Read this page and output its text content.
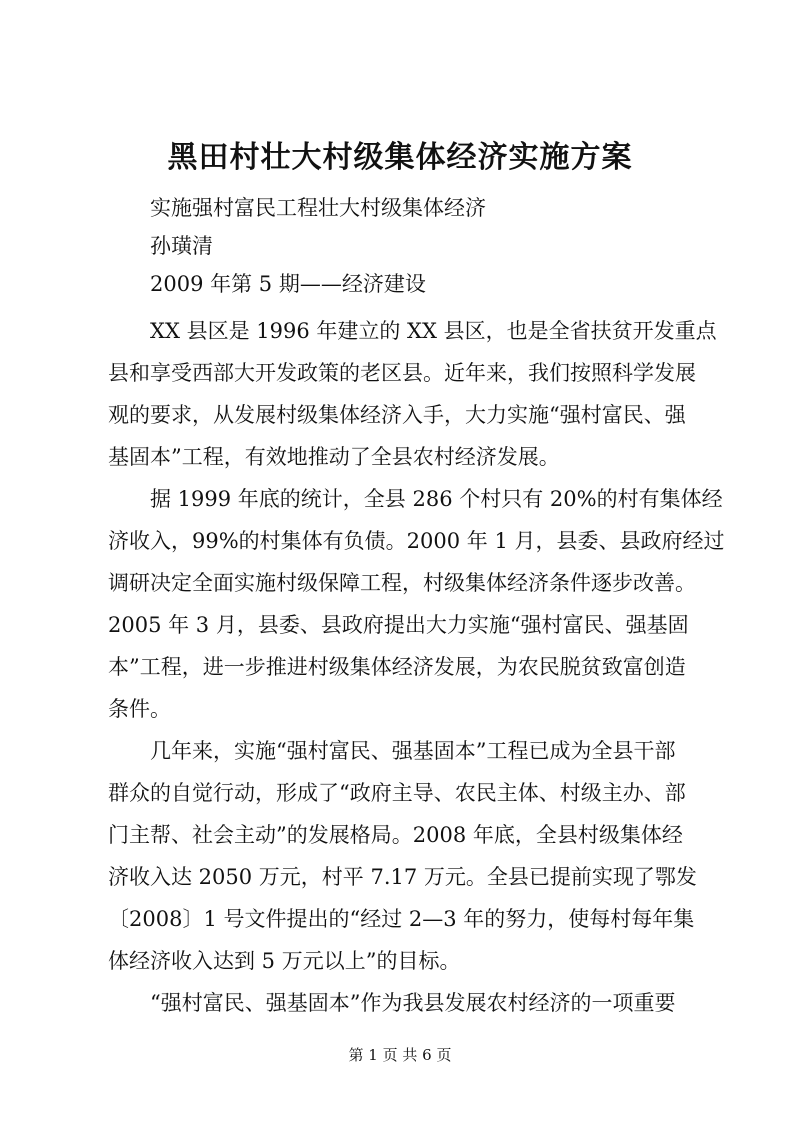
黑田村壮大村级集体经济实施方案
实施强村富民工程壮大村级集体经济
孙璜清
2009 年第 5 期——经济建设
XX 县区是 1996 年建立的 XX 县区，也是全省扶贫开发重点
县和享受西部大开发政策的老区县。近年来，我们按照科学发展
观的要求，从发展村级集体经济入手，大力实施“强村富民、强
基固本”工程，有效地推动了全县农村经济发展。
据 1999 年底的统计，全县 286 个村只有 20%的村有集体经
济收入，99%的村集体有负债。2000 年 1 月，县委、县政府经过
调研决定全面实施村级保障工程，村级集体经济条件逐步改善。
2005 年 3 月，县委、县政府提出大力实施“强村富民、强基固
本”工程，进一步推进村级集体经济发展，为农民脱贫致富创造
条件。
几年来，实施“强村富民、强基固本”工程已成为全县干部
群众的自觉行动，形成了“政府主导、农民主体、村级主办、部
门主帮、社会主动”的发展格局。2008 年底，全县村级集体经
济收入达 2050 万元，村平 7.17 万元。全县已提前实现了鄂发
〔2008〕1 号文件提出的“经过 2—3 年的努力，使每村每年集
体经济收入达到 5 万元以上”的目标。
“强村富民、强基固本”作为我县发展农村经济的一项重要
第 1 页 共 6 页
